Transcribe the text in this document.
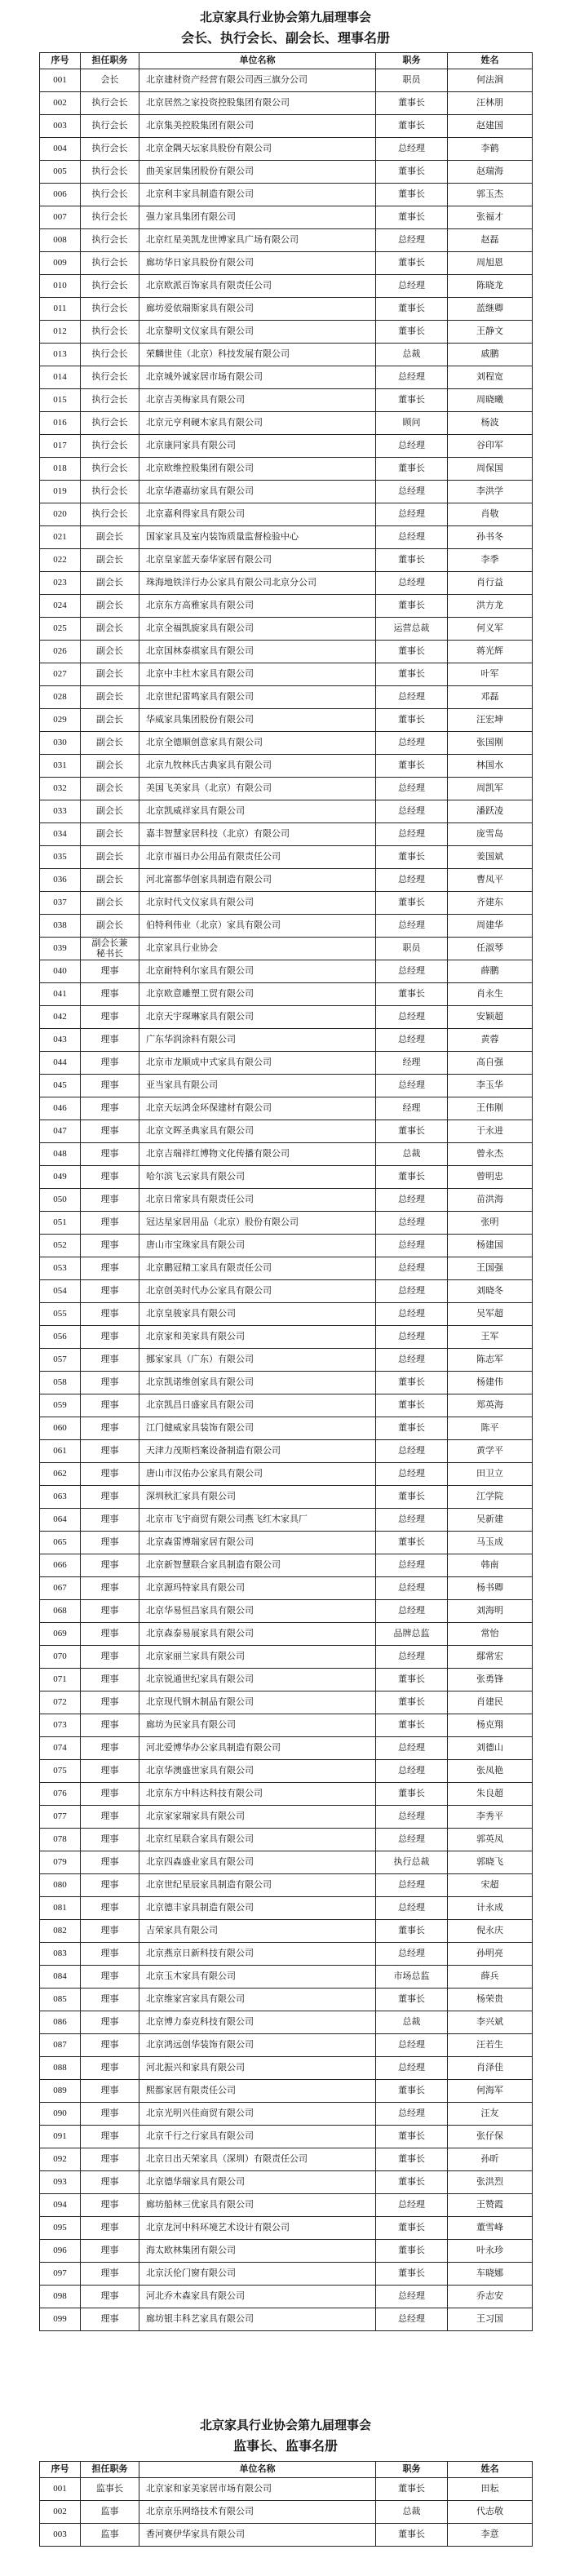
北京家具行业协会第九届理事会
会长、执行会长、副会长、理事名册
序号	担任职务	单位名称	职务	姓名
001	会长	北京建材资产经营有限公司西三旗分公司	职员	何法涧
002	执行会长	北京居然之家投资控股集团有限公司	董事长	汪林朋
003	执行会长	北京集美控股集团有限公司	董事长	赵建国
004	执行会长	北京金隅天坛家具股份有限公司	总经理	李鹤
005	执行会长	曲美家居集团股份有限公司	董事长	赵瑞海
006	执行会长	北京利丰家具制造有限公司	董事长	郭玉杰
007	执行会长	强力家具集团有限公司	董事长	张福才
008	执行会长	北京红星美凯龙世博家具广场有限公司	总经理	赵磊
009	执行会长	廊坊华日家具股份有限公司	董事长	周旭恩
010	执行会长	北京欧派百饰家具有限责任公司	总经理	陈晓龙
011	执行会长	廊坊爱依瑞斯家具有限公司	董事长	蓝继卿
012	执行会长	北京黎明文仪家具有限公司	董事长	王静文
013	执行会长	荣麟世佳（北京）科技发展有限公司	总裁	戚鹏
014	执行会长	北京城外诚家居市场有限公司	总经理	刘程宽
015	执行会长	北京吉美梅家具有限公司	董事长	周晓曦
016	执行会长	北京元亨利硬木家具有限公司	顾问	杨波
017	执行会长	北京康同家具有限公司	总经理	谷印军
018	执行会长	北京欧维控股集团有限公司	董事长	周保国
019	执行会长	北京华港嘉纺家具有限公司	总经理	李洪学
020	执行会长	北京嘉利得家具有限公司	总经理	肖敬
021	副会长	国家家具及室内装饰质量监督检验中心	总经理	孙书冬
022	副会长	北京皇家蓝天泰华家居有限公司	董事长	李季
023	副会长	珠海地铁洋行办公家具有限公司北京分公司	总经理	肖行益
024	副会长	北京东方高雅家具有限公司	董事长	洪方龙
025	副会长	北京全福凯旋家具有限公司	运营总裁	何义军
026	副会长	北京国林泰祺家具有限公司	董事长	蒋光辉
027	副会长	北京中丰杜木家具有限公司	董事长	叶军
028	副会长	北京世纪雷鸣家具有限公司	总经理	邓磊
029	副会长	华威家具集团股份有限公司	董事长	汪宏坤
030	副会长	北京全德顺创意家具有限公司	总经理	张国刚
031	副会长	北京九牧林氏古典家具有限公司	董事长	林国水
032	副会长	美国飞美家具（北京）有限公司	总经理	周凯军
033	副会长	北京凯威祥家具有限公司	总经理	潘跃凌
034	副会长	嘉丰智慧家居科技（北京）有限公司	总经理	庞雪岛
035	副会长	北京市福日办公用品有限责任公司	董事长	姜国斌
036	副会长	河北富都华创家具制造有限公司	总经理	曹凤平
037	副会长	北京时代文仪家具有限公司	董事长	齐建东
038	副会长	伯特利伟业（北京）家具有限公司	总经理	周建华
039	副会长兼秘书长	北京家具行业协会	职员	任淑琴
040	理事	北京耐特利尔家具有限公司	总经理	薛鹏
041	理事	北京欧意雕塑工贸有限公司	董事长	肖永生
042	理事	北京天宇琛琳家具有限公司	总经理	安颖超
043	理事	广东华润涂料有限公司	总经理	黄蓉
044	理事	北京市龙顺成中式家具有限公司	经理	高自强
045	理事	亚当家具有限公司	总经理	李玉华
046	理事	北京天坛鸿金环保建材有限公司	经理	王伟刚
047	理事	北京文晖圣典家具有限公司	董事长	于永进
048	理事	北京吉瑞祥红博物文化传播有限公司	总裁	曾永杰
049	理事	哈尔滨飞云家具有限公司	董事长	曾明忠
050	理事	北京日常家具有限责任公司	总经理	苗洪海
051	理事	冠达星家居用品（北京）股份有限公司	总经理	张明
052	理事	唐山市宝珠家具有限公司	总经理	杨建国
053	理事	北京鹏冠精工家具有限责任公司	总经理	王国强
054	理事	北京创美时代办公家具有限公司	总经理	刘晓冬
055	理事	北京皇骏家具有限公司	总经理	吴军超
056	理事	北京家和美家具有限公司	总经理	王军
057	理事	挪家家具（广东）有限公司	总经理	陈志军
058	理事	北京凯诺维创家具有限公司	董事长	杨建伟
059	理事	北京凯昌日盛家具有限公司	董事长	郑英海
060	理事	江门健威家具装饰有限公司	董事长	陈平
061	理事	天津力茂斯档案设备制造有限公司	总经理	黄学平
062	理事	唐山市汉佑办公家具有限公司	总经理	田卫立
063	理事	深圳秋汇家具有限公司	董事长	江学院
064	理事	北京市飞宇商贸有限公司燕飞红木家具厂	总经理	吴新建
065	理事	北京森雷博瑞家居有限公司	董事长	马玉成
066	理事	北京新智慧联合家具制造有限公司	总经理	韩南
067	理事	北京源玛特家具有限公司	总经理	杨书卿
068	理事	北京华易恒昌家具有限公司	总经理	刘海明
069	理事	北京森泰易展家具有限公司	品牌总监	常怡
070	理事	北京家丽兰家具有限公司	总经理	鄢常宏
071	理事	北京锐通世纪家具有限公司	董事长	张勇锋
072	理事	北京现代钢木制品有限公司	董事长	肖建民
073	理事	廊坊为民家具有限公司	董事长	杨克翔
074	理事	河北爱博华办公家具制造有限公司	总经理	刘德山
075	理事	北京华澳盛世家具有限公司	总经理	张凤艳
076	理事	北京东方中科达科技有限公司	董事长	朱良超
077	理事	北京家家瑞家具有限公司	总经理	李秀平
078	理事	北京红星联合家具有限公司	总经理	郭英凤
079	理事	北京四森盛业家具有限公司	执行总裁	郭晓飞
080	理事	北京世纪星辰家具制造有限公司	总经理	宋超
081	理事	北京德丰家具制造有限公司	总经理	计永成
082	理事	吉荣家具有限公司	董事长	倪永庆
083	理事	北京燕京日新科技有限公司	总经理	孙明亮
084	理事	北京玉木家具有限公司	市场总监	薛兵
085	理事	北京维家宫家具有限公司	董事长	杨荣贵
086	理事	北京博力泰克科技有限公司	总裁	李兴斌
087	理事	北京鸿远创华装饰有限公司	总经理	汪若生
088	理事	河北振兴和家具有限公司	总经理	肖泽佳
089	理事	熙都家居有限责任公司	董事长	何海军
090	理事	北京光明兴佳商贸有限公司	总经理	汪友
091	理事	北京千行之行家具有限公司	董事长	张仔保
092	理事	北京日出天荣家具（深圳）有限责任公司	董事长	孙昕
093	理事	北京德华瑞家具有限公司	董事长	张洪烈
094	理事	廊坊船林三优家具有限公司	总经理	王赞霞
095	理事	北京龙河中科环境艺术设计有限公司	董事长	董雪峰
096	理事	海太欧林集团有限公司	董事长	叶永珍
097	理事	北京沃伦门窗有限公司	董事长	车晓娜
098	理事	河北乔木森家具有限公司	总经理	乔志安
099	理事	廊坊银丰科艺家具有限公司	总经理	王习国
北京家具行业协会第九届理事会
监事长、监事名册
序号	担任职务	单位名称	职务	姓名
001	监事长	北京家和家美家居市场有限公司	董事长	田耘
002	监事	北京京乐网络技术有限公司	总裁	代志敬
003	监事	香河赛伊华家具有限公司	董事长	李意
